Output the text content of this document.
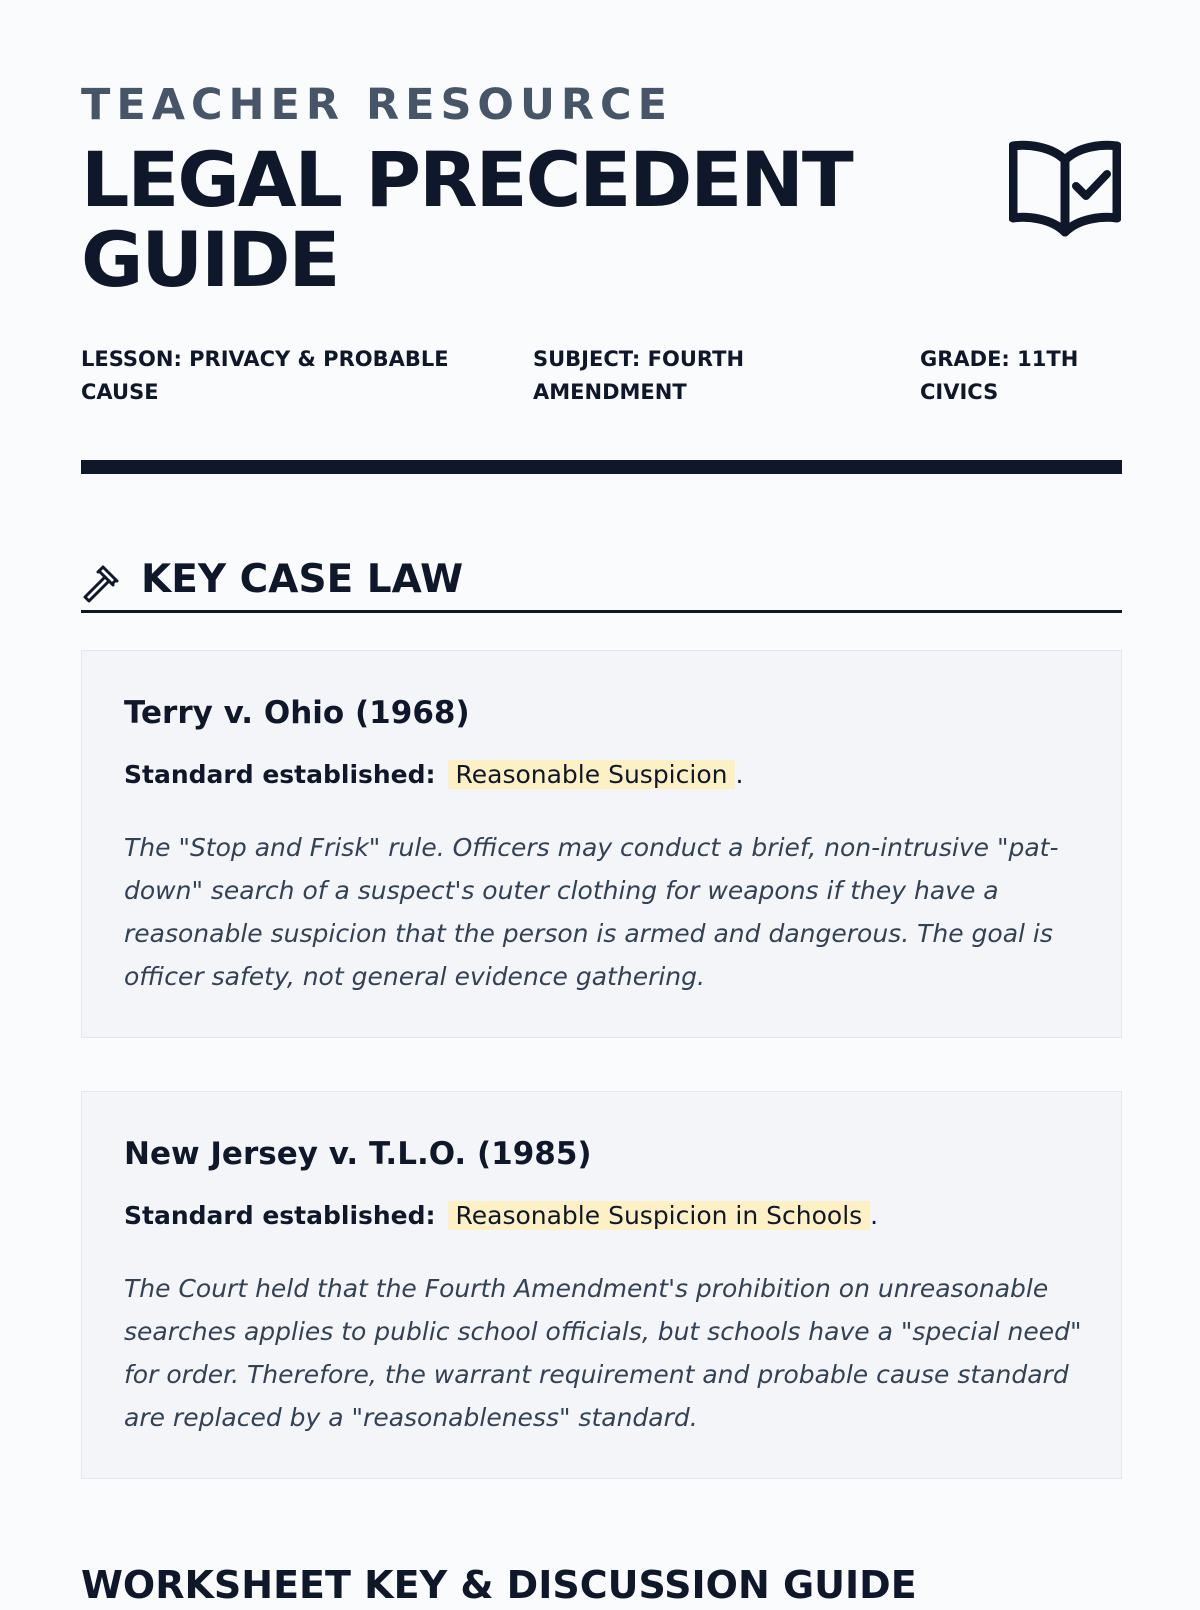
TEACHER RESOURCE
LEGAL PRECEDENT
GUIDE

LESSON: PRIVACY & PROBABLE
CAUSE

SUBJECT: FOURTH
AMENDMENT

GRADE: 11TH
CIVICS

KEY CASE LAW
Terry v. Ohio (1968)

Standard established: Reasonable Suspicion .

The "Stop and Frisk" rule. Officers may conduct a brief, non-intrusive "pat-
down" search of a suspect's outer clothing for weapons if they have a
reasonable suspicion that the person is armed and dangerous. The goal is
officer safety, not general evidence gathering.

New Jersey v. T.L.O. (1985)

Standard established: Reasonable Suspicion in Schools .

The Court held that the Fourth Amendment's prohibition on unreasonable
searches applies to public school officials, but schools have a "special need"
for order. Therefore, the warrant requirement and probable cause standard
are replaced by a "reasonableness" standard.

WORKSHEET KEY & DISCUSSION GUIDE
